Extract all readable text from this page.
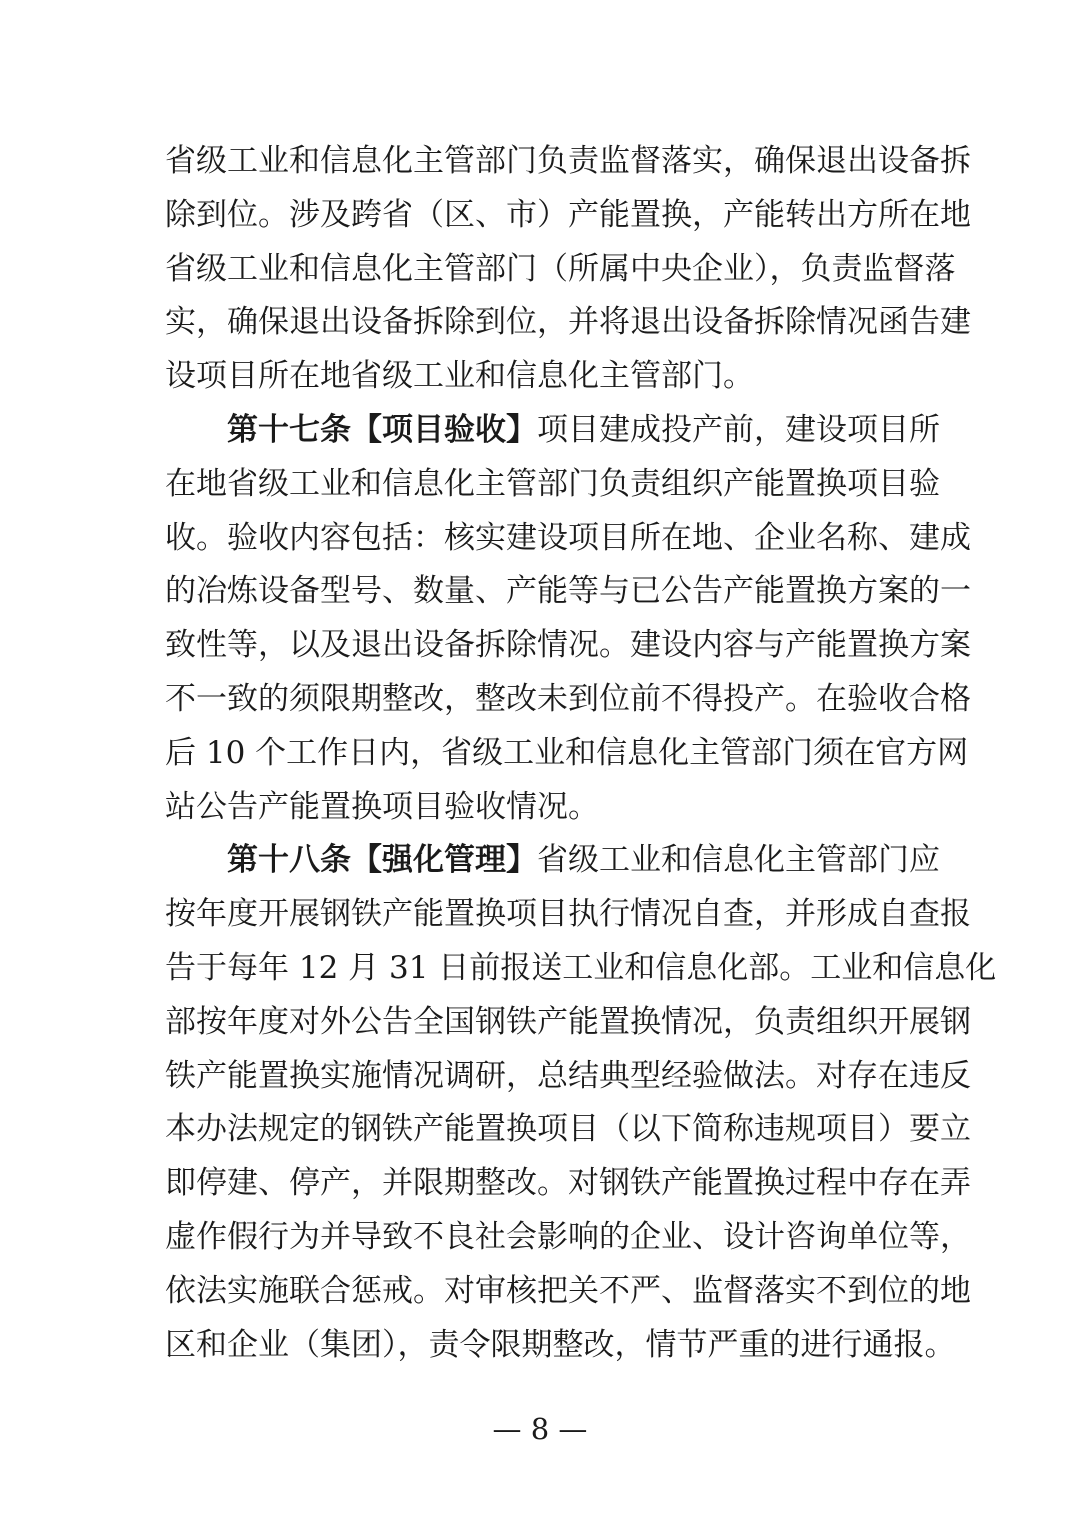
省级工业和信息化主管部门负责监督落实，确保退出设备拆
除到位。涉及跨省（区、市）产能置换，产能转出方所在地
省级工业和信息化主管部门（所属中央企业），负责监督落
实，确保退出设备拆除到位，并将退出设备拆除情况函告建
设项目所在地省级工业和信息化主管部门。
第十七条【项目验收】项目建成投产前，建设项目所
在地省级工业和信息化主管部门负责组织产能置换项目验
收。验收内容包括：核实建设项目所在地、企业名称、建成
的冶炼设备型号、数量、产能等与已公告产能置换方案的一
致性等，以及退出设备拆除情况。建设内容与产能置换方案
不一致的须限期整改，整改未到位前不得投产。在验收合格
后 10 个工作日内，省级工业和信息化主管部门须在官方网
站公告产能置换项目验收情况。
第十八条【强化管理】省级工业和信息化主管部门应
按年度开展钢铁产能置换项目执行情况自查，并形成自查报
告于每年 12 月 31 日前报送工业和信息化部。工业和信息化
部按年度对外公告全国钢铁产能置换情况，负责组织开展钢
铁产能置换实施情况调研，总结典型经验做法。对存在违反
本办法规定的钢铁产能置换项目（以下简称违规项目）要立
即停建、停产，并限期整改。对钢铁产能置换过程中存在弄
虚作假行为并导致不良社会影响的企业、设计咨询单位等，
依法实施联合惩戒。对审核把关不严、监督落实不到位的地
区和企业（集团），责令限期整改，情节严重的进行通报。
— 8 —
